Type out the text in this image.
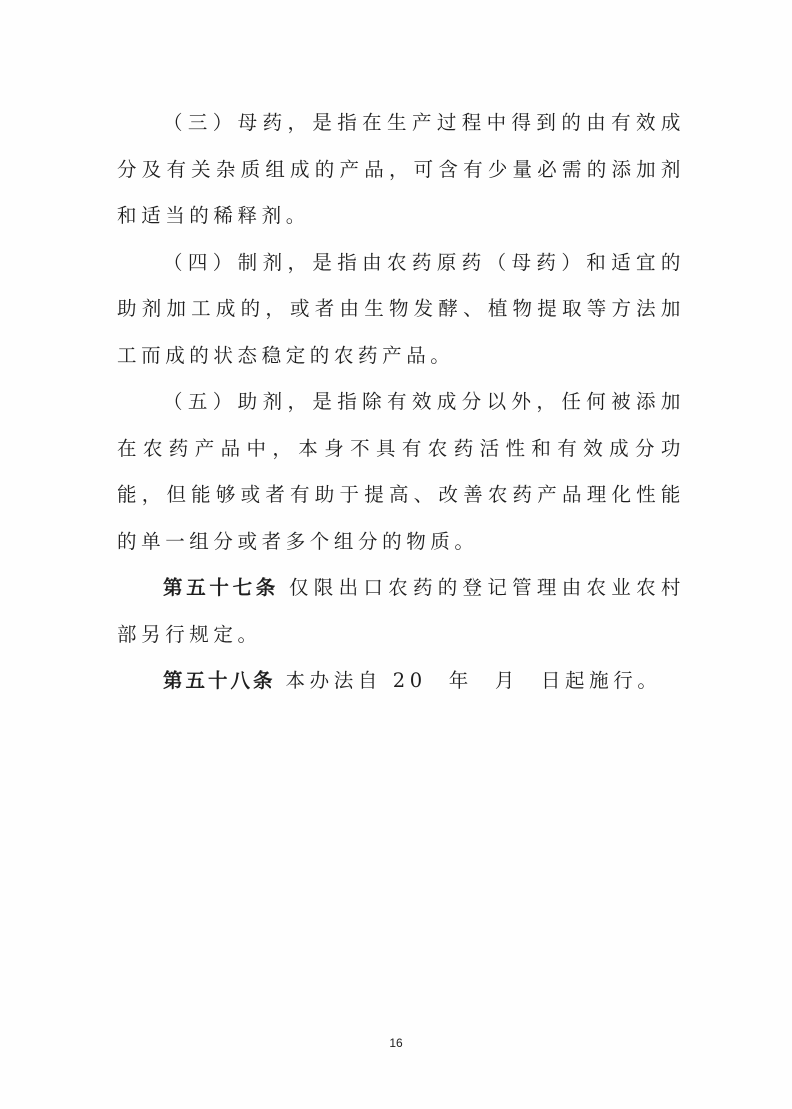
（三）母药，是指在生产过程中得到的由有效成分及有关杂质组成的产品，可含有少量必需的添加剂和适当的稀释剂。

（四）制剂，是指由农药原药（母药）和适宜的助剂加工成的，或者由生物发酵、植物提取等方法加工而成的状态稳定的农药产品。

（五）助剂，是指除有效成分以外，任何被添加在农药产品中，本身不具有农药活性和有效成分功能，但能够或者有助于提高、改善农药产品理化性能的单一组分或者多个组分的物质。

第五十七条 仅限出口农药的登记管理由农业农村部另行规定。

第五十八条 本办法自 20 年 月 日起施行。

16
